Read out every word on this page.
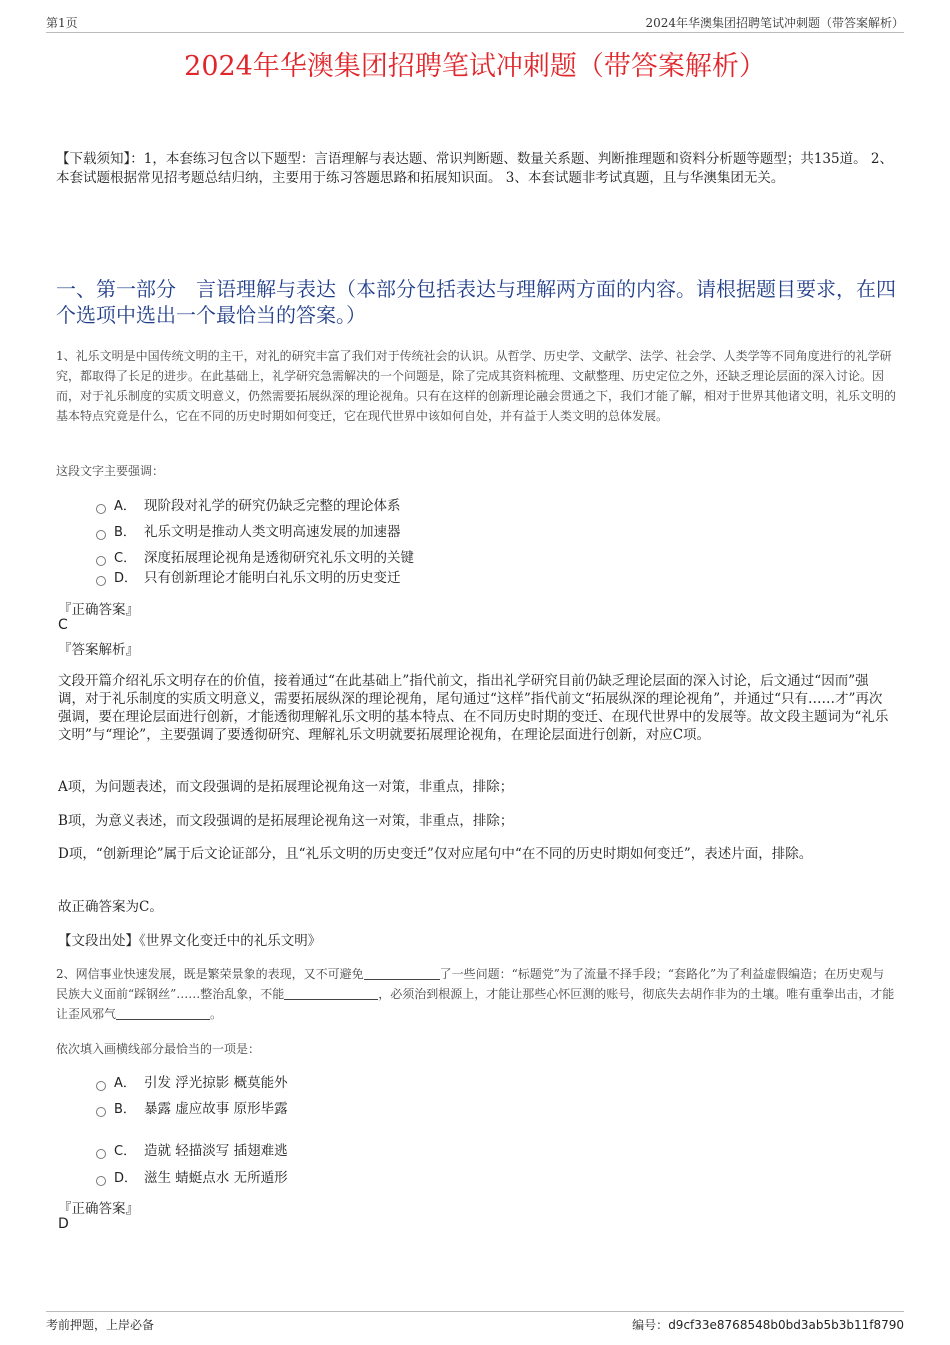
第1页	2024年华澳集团招聘笔试冲刺题（带答案解析）
2024年华澳集团招聘笔试冲刺题（带答案解析）
【下载须知】：1，本套练习包含以下题型：言语理解与表达题、常识判断题、数量关系题、判断推理题和资料分析题等题型；共135道。 2、本套试题根据常见招考题总结归纳，主要用于练习答题思路和拓展知识面。 3、本套试题非考试真题，且与华澳集团无关。
一、第一部分　言语理解与表达（本部分包括表达与理解两方面的内容。请根据题目要求，在四个选项中选出一个最恰当的答案。）
1、礼乐文明是中国传统文明的主干，对礼的研究丰富了我们对于传统社会的认识。从哲学、历史学、文献学、法学、社会学、人类学等不同角度进行的礼学研究，都取得了长足的进步。在此基础上，礼学研究急需解决的一个问题是，除了完成其资料梳理、文献整理、历史定位之外，还缺乏理论层面的深入讨论。因而，对于礼乐制度的实质文明意义，仍然需要拓展纵深的理论视角。只有在这样的创新理论融会贯通之下，我们才能了解，相对于世界其他诸文明，礼乐文明的基本特点究竟是什么，它在不同的历史时期如何变迁，它在现代世界中该如何自处，并有益于人类文明的总体发展。
这段文字主要强调：
A． 现阶段对礼学的研究仍缺乏完整的理论体系
B． 礼乐文明是推动人类文明高速发展的加速器
C． 深度拓展理论视角是透彻研究礼乐文明的关键
D． 只有创新理论才能明白礼乐文明的历史变迁
『正确答案』
C
『答案解析』
文段开篇介绍礼乐文明存在的价值，接着通过“在此基础上”指代前文，指出礼学研究目前仍缺乏理论层面的深入讨论，后文通过“因而”强调，对于礼乐制度的实质文明意义，需要拓展纵深的理论视角，尾句通过“这样”指代前文“拓展纵深的理论视角”，并通过“只有……才”再次强调，要在理论层面进行创新，才能透彻理解礼乐文明的基本特点、在不同历史时期的变迁、在现代世界中的发展等。故文段主题词为“礼乐文明”与“理论”，主要强调了要透彻研究、理解礼乐文明就要拓展理论视角，在理论层面进行创新，对应C项。
A项，为问题表述，而文段强调的是拓展理论视角这一对策，非重点，排除；
B项，为意义表述，而文段强调的是拓展理论视角这一对策，非重点，排除；
D项，“创新理论”属于后文论证部分，且“礼乐文明的历史变迁”仅对应尾句中“在不同的历史时期如何变迁”，表述片面，排除。
故正确答案为C。
【文段出处】《世界文化变迁中的礼乐文明》
2、网信事业快速发展，既是繁荣景象的表现，又不可避免	了一些问题：“标题党”为了流量不择手段；“套路化”为了利益虚假编造；在历史观与民族大义面前“踩钢丝”……整治乱象，不能	，必须治到根源上，才能让那些心怀叵测的账号，彻底失去胡作非为的土壤。唯有重拳出击，才能让歪风邪气	。
依次填入画横线部分最恰当的一项是：
A． 引发 浮光掠影 概莫能外
B． 暴露 虚应故事 原形毕露
C． 造就 轻描淡写 插翅难逃
D． 滋生 蜻蜓点水 无所遁形
『正确答案』
D
考前押题，上岸必备	编号：d9cf33e8768548b0bd3ab5b3b11f8790
